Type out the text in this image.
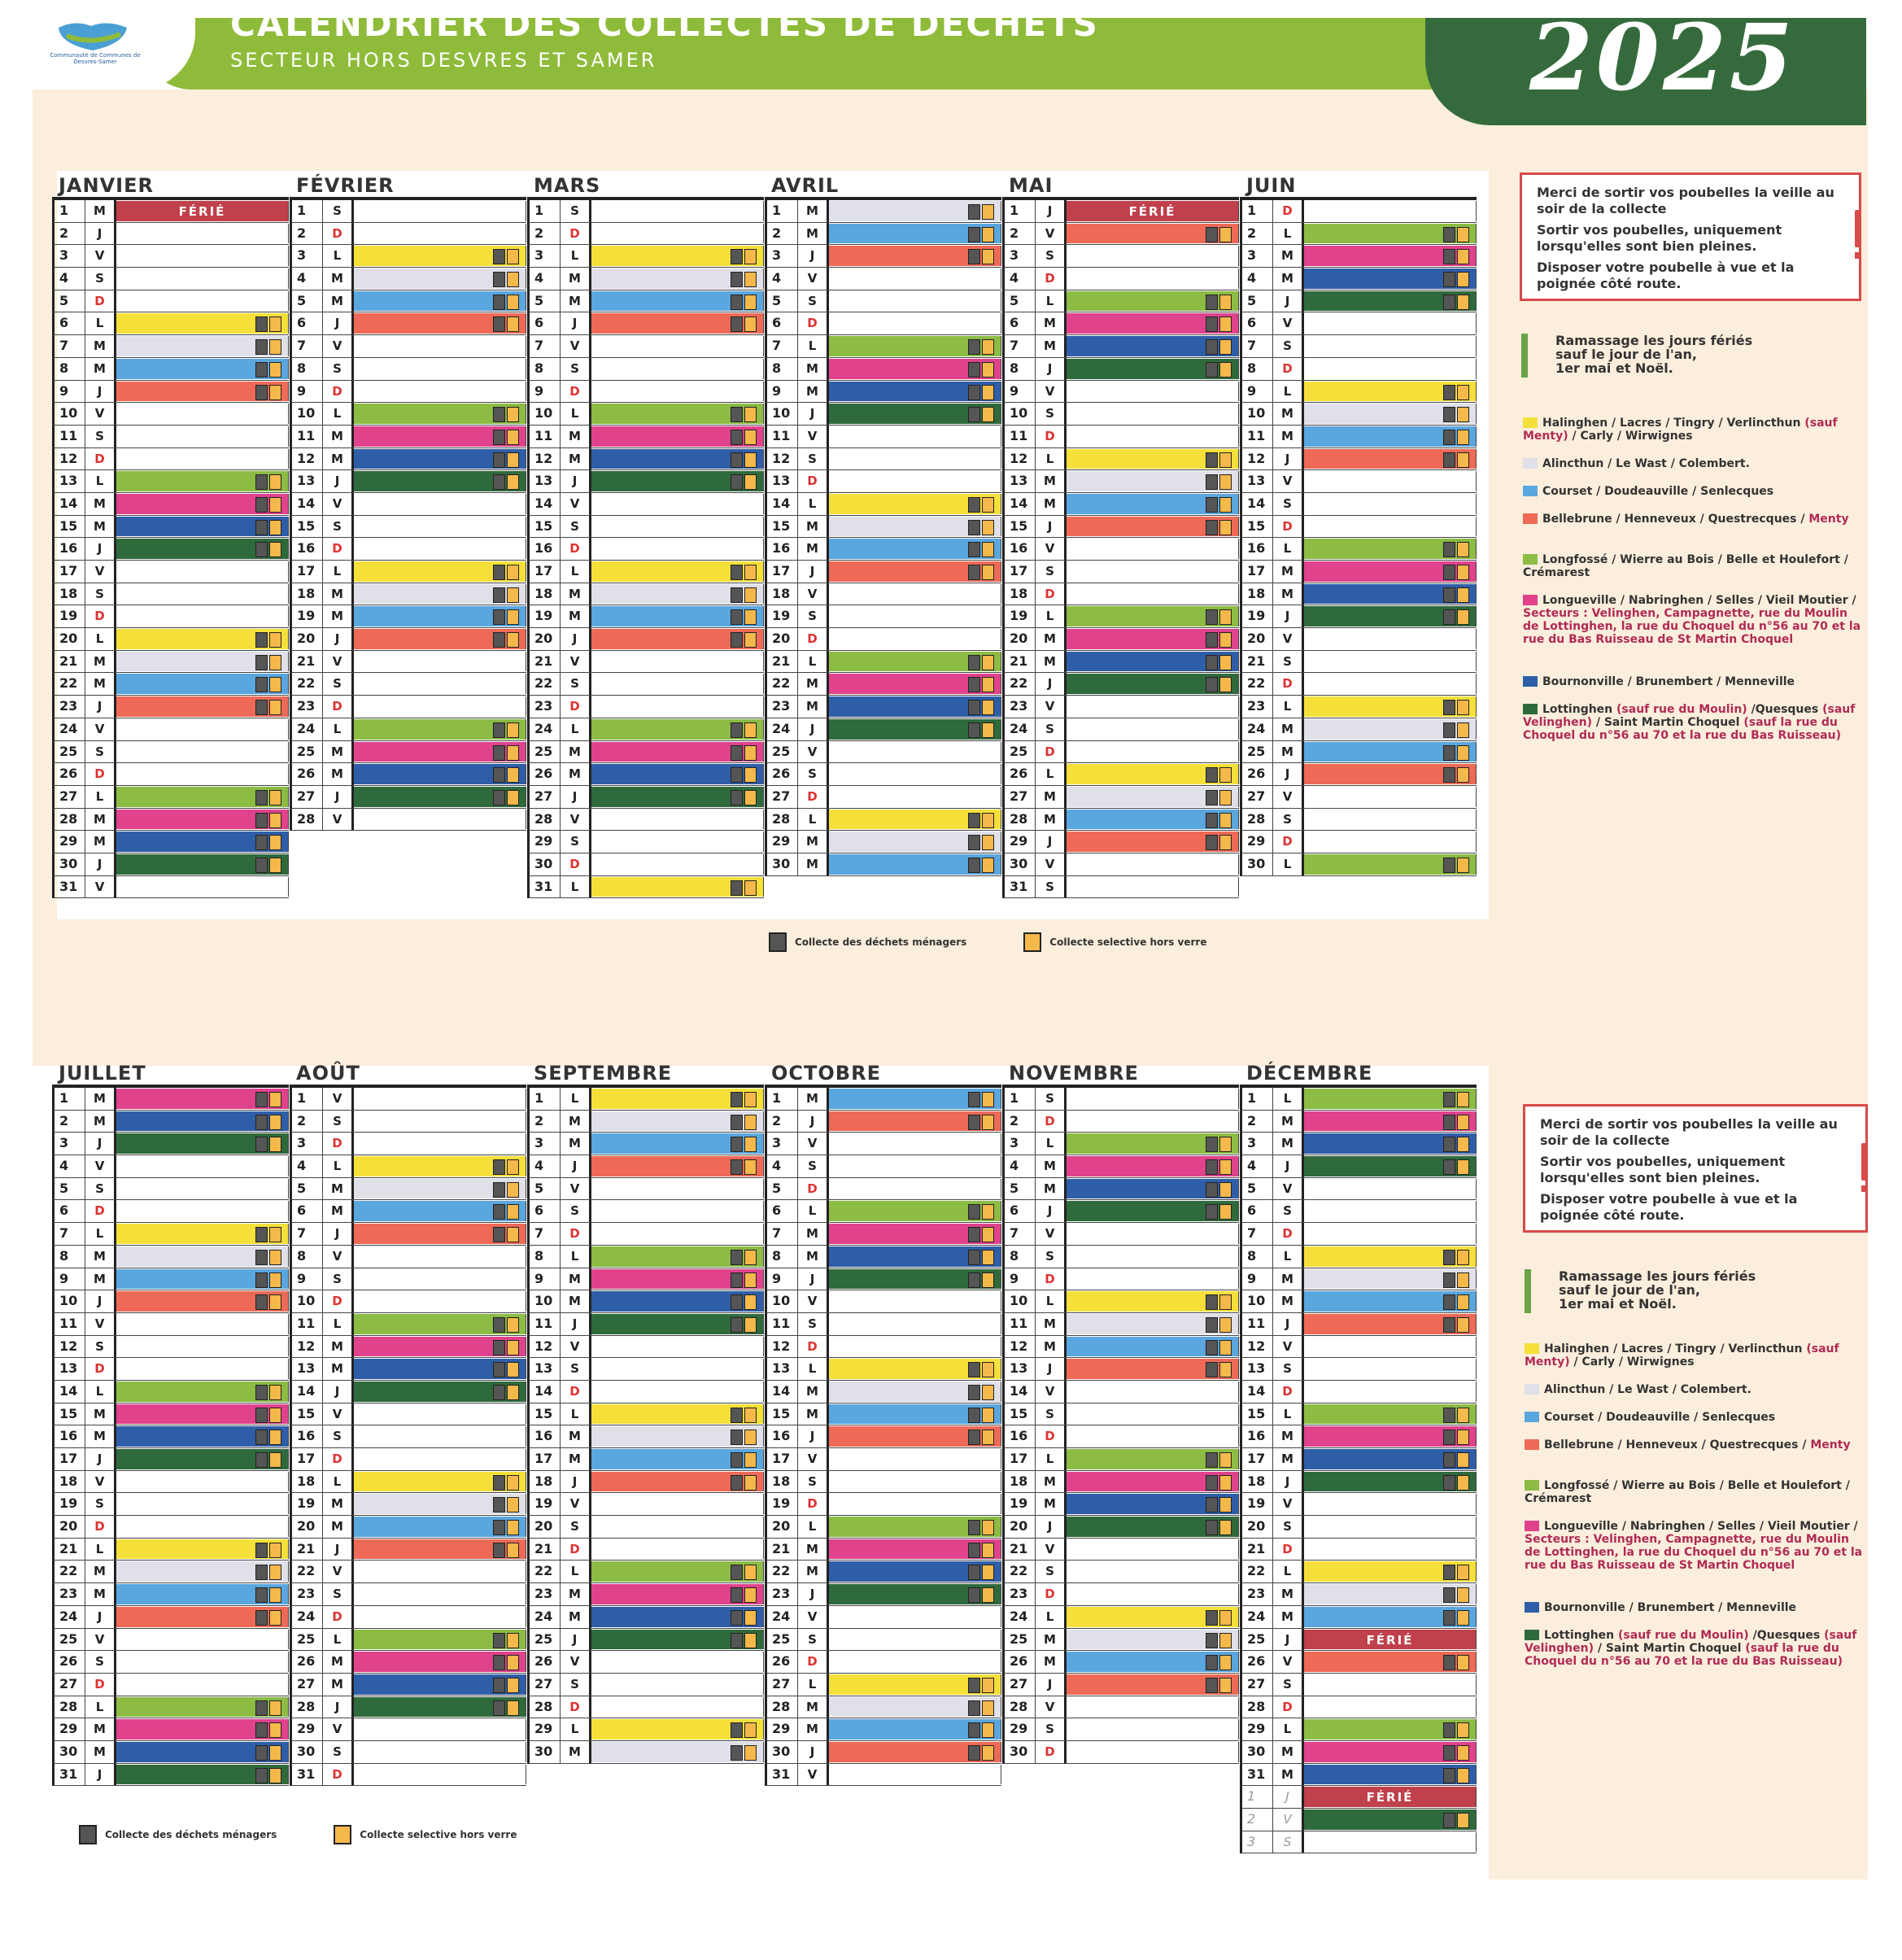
Communauté de Communes de Desvres-Samer
CALENDRIER DES COLLECTES DE DÉCHETS
SECTEUR HORS DESVRES ET SAMER	2025
JANVIER
1	M	FÉRIÉ
2	J
3	V
4	S
5	D
6	L
7	M
8	M
9	J
10	V
11	S
12	D
13	L
14	M
15	M
16	J
17	V
18	S
19	D
20	L
21	M
22	M
23	J
24	V
25	S
26	D
27	L
28	M
29	M
30	J
31	V
FÉVRIER
1	S
2	D
3	L
4	M
5	M
6	J
7	V
8	S
9	D
10	L
11	M
12	M
13	J
14	V
15	S
16	D
17	L
18	M
19	M
20	J
21	V
22	S
23	D
24	L
25	M
26	M
27	J
28	V
MARS
1	S
2	D
3	L
4	M
5	M
6	J
7	V
8	S
9	D
10	L
11	M
12	M
13	J
14	V
15	S
16	D
17	L
18	M
19	M
20	J
21	V
22	S
23	D
24	L
25	M
26	M
27	J
28	V
29	S
30	D
31	L
AVRIL
1	M
2	M
3	J
4	V
5	S
6	D
7	L
8	M
9	M
10	J
11	V
12	S
13	D
14	L
15	M
16	M
17	J
18	V
19	S
20	D
21	L
22	M
23	M
24	J
25	V
26	S
27	D
28	L
29	M
30	M
MAI
1	J	FÉRIÉ
2	V
3	S
4	D
5	L
6	M
7	M
8	J
9	V
10	S
11	D
12	L
13	M
14	M
15	J
16	V
17	S
18	D
19	L
20	M
21	M
22	J
23	V
24	S
25	D
26	L
27	M
28	M
29	J
30	V
31	S
JUIN
1	D
2	L
3	M
4	M
5	J
6	V
7	S
8	D
9	L
10	M
11	M
12	J
13	V
14	S
15	D
16	L
17	M
18	M
19	J
20	V
21	S
22	D
23	L
24	M
25	M
26	J
27	V
28	S
29	D
30	L
JUILLET
1	M
2	M
3	J
4	V
5	S
6	D
7	L
8	M
9	M
10	J
11	V
12	S
13	D
14	L
15	M
16	M
17	J
18	V
19	S
20	D
21	L
22	M
23	M
24	J
25	V
26	S
27	D
28	L
29	M
30	M
31	J
AOÛT
1	V
2	S
3	D
4	L
5	M
6	M
7	J
8	V
9	S
10	D
11	L
12	M
13	M
14	J
15	V
16	S
17	D
18	L
19	M
20	M
21	J
22	V
23	S
24	D
25	L
26	M
27	M
28	J
29	V
30	S
31	D
SEPTEMBRE
1	L
2	M
3	M
4	J
5	V
6	S
7	D
8	L
9	M
10	M
11	J
12	V
13	S
14	D
15	L
16	M
17	M
18	J
19	V
20	S
21	D
22	L
23	M
24	M
25	J
26	V
27	S
28	D
29	L
30	M
OCTOBRE
1	M
2	J
3	V
4	S
5	D
6	L
7	M
8	M
9	J
10	V
11	S
12	D
13	L
14	M
15	M
16	J
17	V
18	S
19	D
20	L
21	M
22	M
23	J
24	V
25	S
26	D
27	L
28	M
29	M
30	J
31	V
NOVEMBRE
1	S
2	D
3	L
4	M
5	M
6	J
7	V
8	S
9	D
10	L
11	M
12	M
13	J
14	V
15	S
16	D
17	L
18	M
19	M
20	J
21	V
22	S
23	D
24	L
25	M
26	M
27	J
28	V
29	S
30	D
DÉCEMBRE
1	L
2	M
3	M
4	J
5	V
6	S
7	D
8	L
9	M
10	M
11	J
12	V
13	S
14	D
15	L
16	M
17	M
18	J
19	V
20	S
21	D
22	L
23	M
24	M
25	J	FÉRIÉ
26	V
27	S
28	D
29	L
30	M
31	M
1	J	FÉRIÉ
2	V
3	S

Merci de sortir vos poubelles la veille au soir de la collecte

Sortir vos poubelles, uniquement lorsqu'elles sont bien pleines.

Disposer votre poubelle à vue et la poignée côté route.

Merci de sortir vos poubelles la veille au soir de la collecte

Sortir vos poubelles, uniquement lorsqu'elles sont bien pleines.

Disposer votre poubelle à vue et la poignée côté route.

Ramassage les jours fériés
sauf le jour de l'an,
1er mai et Noël.
Ramassage les jours fériés
sauf le jour de l'an,
1er mai et Noël.
Halinghen / Lacres / Tingry / Verlincthun (sauf Menty) / Carly / Wirwignes
Alincthun / Le Wast / Colembert.
Courset / Doudeauville / Senlecques
Bellebrune / Henneveux / Questrecques / Menty
Longfossé / Wierre au Bois / Belle et Houlefort / Crémarest
Longueville / Nabringhen / Selles / Vieil Moutier / Secteurs : Velinghen, Campagnette, rue du Moulin de Lottinghen, la rue du Choquel du n°56 au 70 et la rue du Bas Ruisseau de St Martin Choquel
Bournonville / Brunembert / Menneville
Lottinghen (sauf rue du Moulin) /Quesques (sauf Velinghen) / Saint Martin Choquel (sauf la rue du Choquel du n°56 au 70 et la rue du Bas Ruisseau)
Halinghen / Lacres / Tingry / Verlincthun (sauf Menty) / Carly / Wirwignes
Alincthun / Le Wast / Colembert.
Courset / Doudeauville / Senlecques
Bellebrune / Henneveux / Questrecques / Menty
Longfossé / Wierre au Bois / Belle et Houlefort / Crémarest
Longueville / Nabringhen / Selles / Vieil Moutier / Secteurs : Velinghen, Campagnette, rue du Moulin de Lottinghen, la rue du Choquel du n°56 au 70 et la rue du Bas Ruisseau de St Martin Choquel
Bournonville / Brunembert / Menneville
Lottinghen (sauf rue du Moulin) /Quesques (sauf Velinghen) / Saint Martin Choquel (sauf la rue du Choquel du n°56 au 70 et la rue du Bas Ruisseau)
Collecte des déchets ménagers	Collecte selective hors verre
Collecte des déchets ménagers	Collecte selective hors verre
